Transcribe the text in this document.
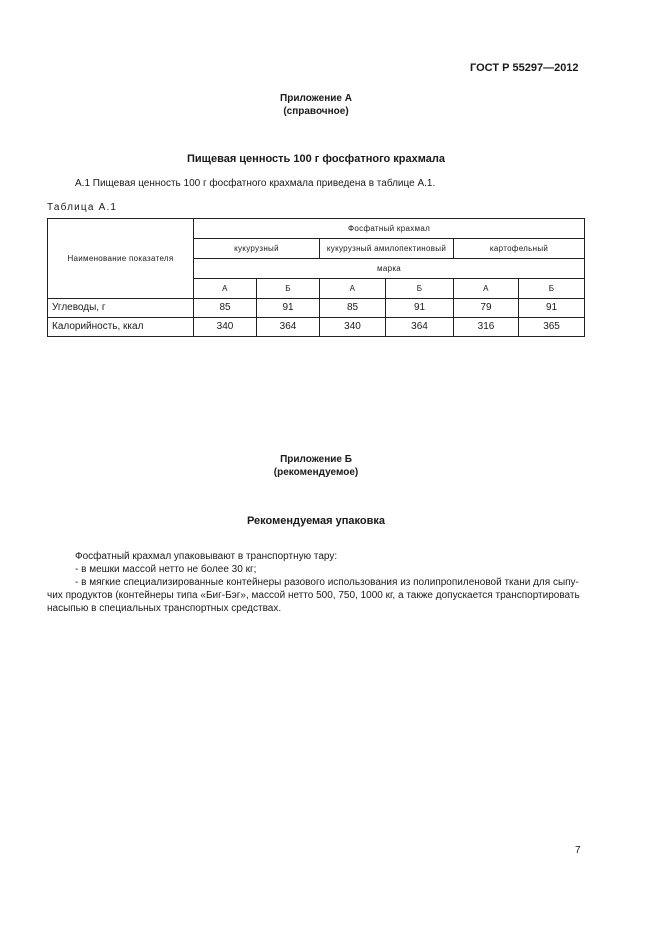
ГОСТ Р 55297—2012
Приложение А
(справочное)
Пищевая ценность 100 г фосфатного крахмала
А.1 Пищевая ценность 100 г фосфатного крахмала приведена в таблице А.1.
Таблица А.1
Наименование показателя	Фосфатный крахмал					
	кукурузный		кукурузный амилопектиновый		картофельный	
	марка					
	А	Б	А	Б	А	Б
Углеводы, г	85	91	85	91	79	91
Калорийность, ккал	340	364	340	364	316	365
Приложение Б
(рекомендуемое)
Рекомендуемая упаковка
Фосфатный крахмал упаковывают в транспортную тару:
- в мешки массой нетто не более 30 кг;
- в мягкие специализированные контейнеры разового использования из полипропиленовой ткани для сыпу-
чих продуктов (контейнеры типа «Биг-Бэг», массой нетто 500, 750, 1000 кг, а также допускается транспортировать
насыпью в специальных транспортных средствах.
7
